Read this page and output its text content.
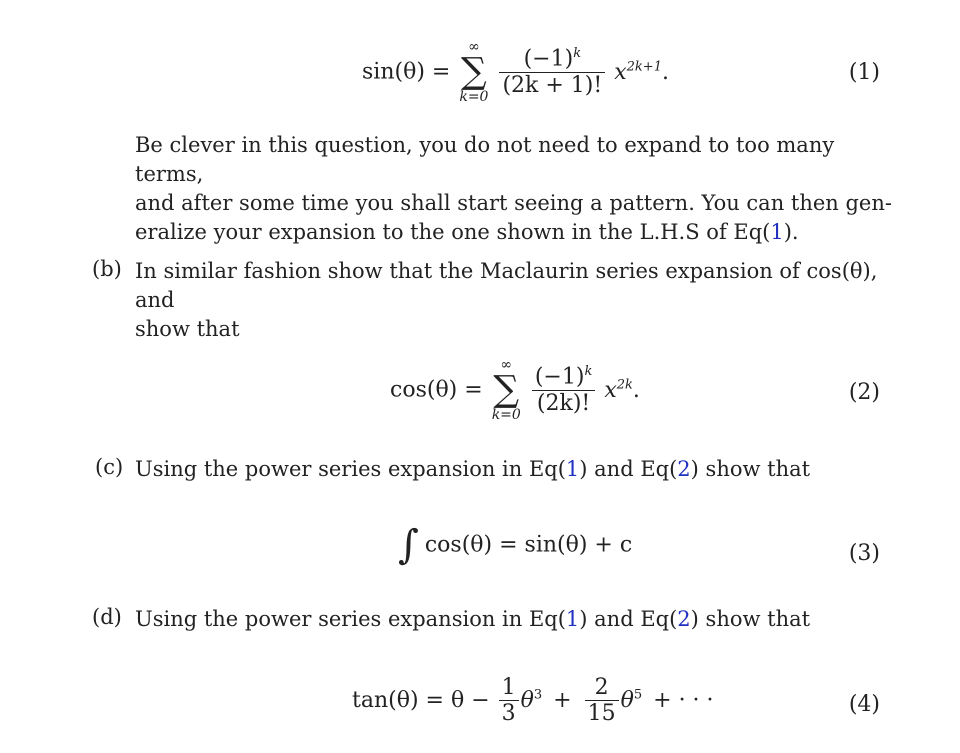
sin(θ) =
∞
∑
k=0
$\frac{(-1)^k}{(2k + 1)!} x^{2k+1}$.	(1)
Be clever in this question, you do not need to expand to too many terms,
and after some time you shall start seeing a pattern. You can then gen-
eralize your expansion to the one shown in the L.H.S of Eq(1).
(b) In similar fashion show that the Maclaurin series expansion of cos(θ), and
show that
cos(θ) =
∞
∑
k=0
$\frac{(-1)^k}{(2k)!} x^{2k}$.	(2)
(c) Using the power series expansion in Eq(1) and Eq(2) show that
∫ cos(θ) = sin(θ) + c	(3)
(d) Using the power series expansion in Eq(1) and Eq(2) show that
$\tan(\theta) = \theta - \frac{1}{3} \theta^3 + \frac{2}{15} \theta^5$ + · · ·	(4)
